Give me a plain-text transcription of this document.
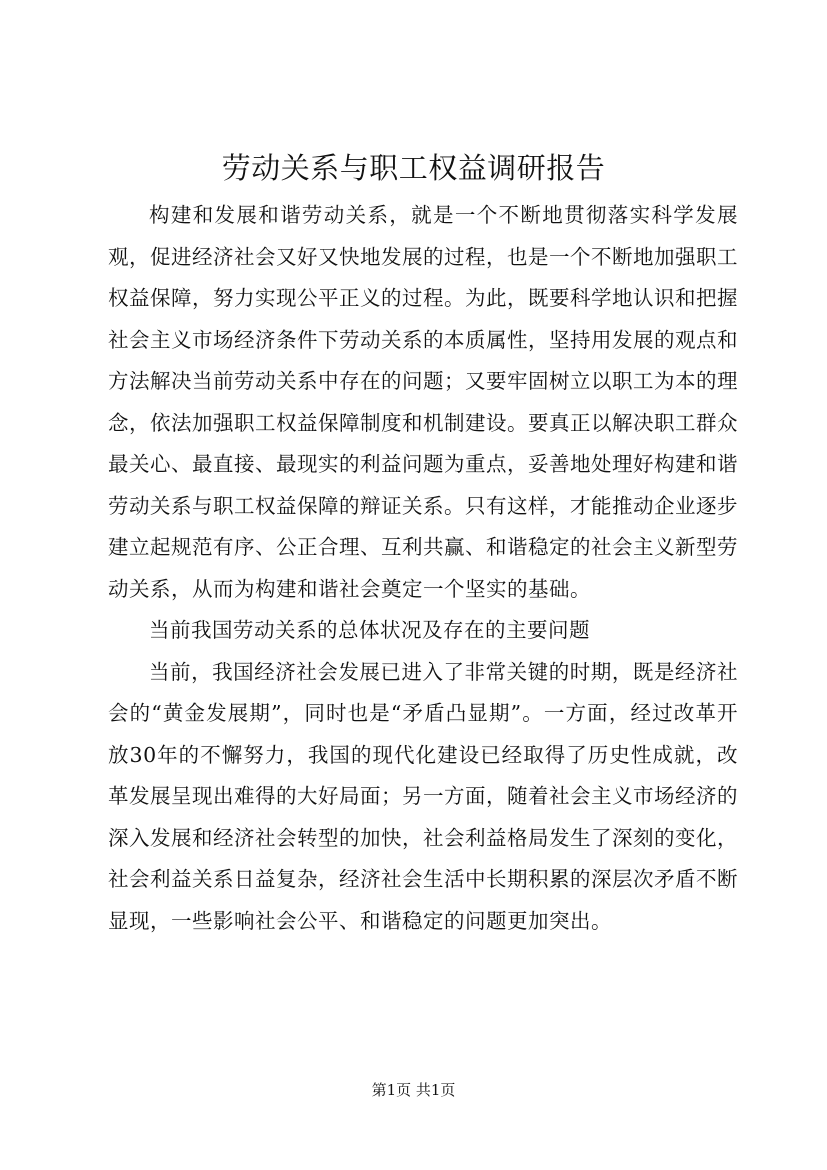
劳动关系与职工权益调研报告

构建和发展和谐劳动关系，就是一个不断地贯彻落实科学发展观，促进经济社会又好又快地发展的过程，也是一个不断地加强职工权益保障，努力实现公平正义的过程。为此，既要科学地认识和把握社会主义市场经济条件下劳动关系的本质属性，坚持用发展的观点和方法解决当前劳动关系中存在的问题；又要牢固树立以职工为本的理念，依法加强职工权益保障制度和机制建设。要真正以解决职工群众最关心、最直接、最现实的利益问题为重点，妥善地处理好构建和谐劳动关系与职工权益保障的辩证关系。只有这样，才能推动企业逐步建立起规范有序、公正合理、互利共赢、和谐稳定的社会主义新型劳动关系，从而为构建和谐社会奠定一个坚实的基础。

当前我国劳动关系的总体状况及存在的主要问题

当前，我国经济社会发展已进入了非常关键的时期，既是经济社会的“黄金发展期”，同时也是“矛盾凸显期”。一方面，经过改革开放30年的不懈努力，我国的现代化建设已经取得了历史性成就，改革发展呈现出难得的大好局面；另一方面，随着社会主义市场经济的深入发展和经济社会转型的加快，社会利益格局发生了深刻的变化，社会利益关系日益复杂，经济社会生活中长期积累的深层次矛盾不断显现，一些影响社会公平、和谐稳定的问题更加突出。

第1页 共1页
